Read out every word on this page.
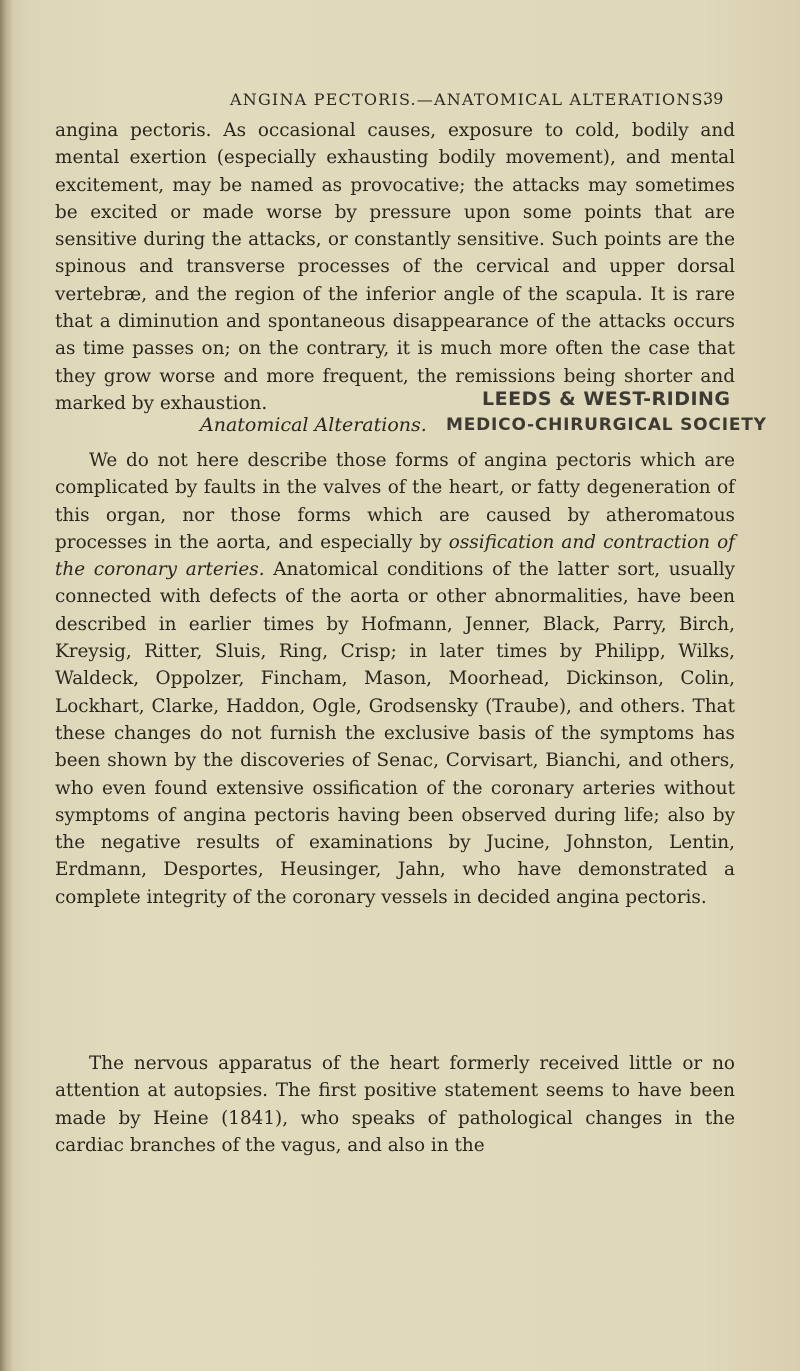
ANGINA PECTORIS.—ANATOMICAL ALTERATIONS.
39

angina pectoris. As occasional causes, exposure to cold, bodily and mental exertion (especially exhausting bodily movement), and mental excitement, may be named as provocative; the attacks may sometimes be excited or made worse by pressure upon some points that are sensitive during the attacks, or constantly sensitive. Such points are the spinous and transverse processes of the cervical and upper dorsal vertebræ, and the region of the inferior angle of the scapula. It is rare that a diminution and spontaneous disappearance of the attacks occurs as time passes on; on the contrary, it is much more often the case that they grow worse and more frequent, the remissions being shorter and marked by exhaustion.	LEEDS & WEST-RIDING
MEDICO-CHIRURGICAL SOCIETY
Anatomical Alterations.

We do not here describe those forms of angina pectoris which are complicated by faults in the valves of the heart, or fatty degeneration of this organ, nor those forms which are caused by atheromatous processes in the aorta, and especially by ossification and contraction of the coronary arteries. Anatomical conditions of the latter sort, usually connected with defects of the aorta or other abnormalities, have been described in earlier times by Hofmann, Jenner, Black, Parry, Birch, Kreysig, Ritter, Sluis, Ring, Crisp; in later times by Philipp, Wilks, Waldeck, Oppolzer, Fincham, Mason, Moorhead, Dickinson, Colin, Lockhart, Clarke, Haddon, Ogle, Grodsensky (Traube), and others. That these changes do not furnish the exclusive basis of the symptoms has been shown by the discoveries of Senac, Corvisart, Bianchi, and others, who even found extensive ossification of the coronary arteries without symptoms of angina pectoris having been observed during life; also by the negative results of examinations by Jucine, Johnston, Lentin, Erdmann, Desportes, Heusinger, Jahn, who have demonstrated a complete integrity of the coronary vessels in decided angina pectoris.

The nervous apparatus of the heart formerly received little or no attention at autopsies. The first positive statement seems to have been made by Heine (1841), who speaks of pathological changes in the cardiac branches of the vagus, and also in the
